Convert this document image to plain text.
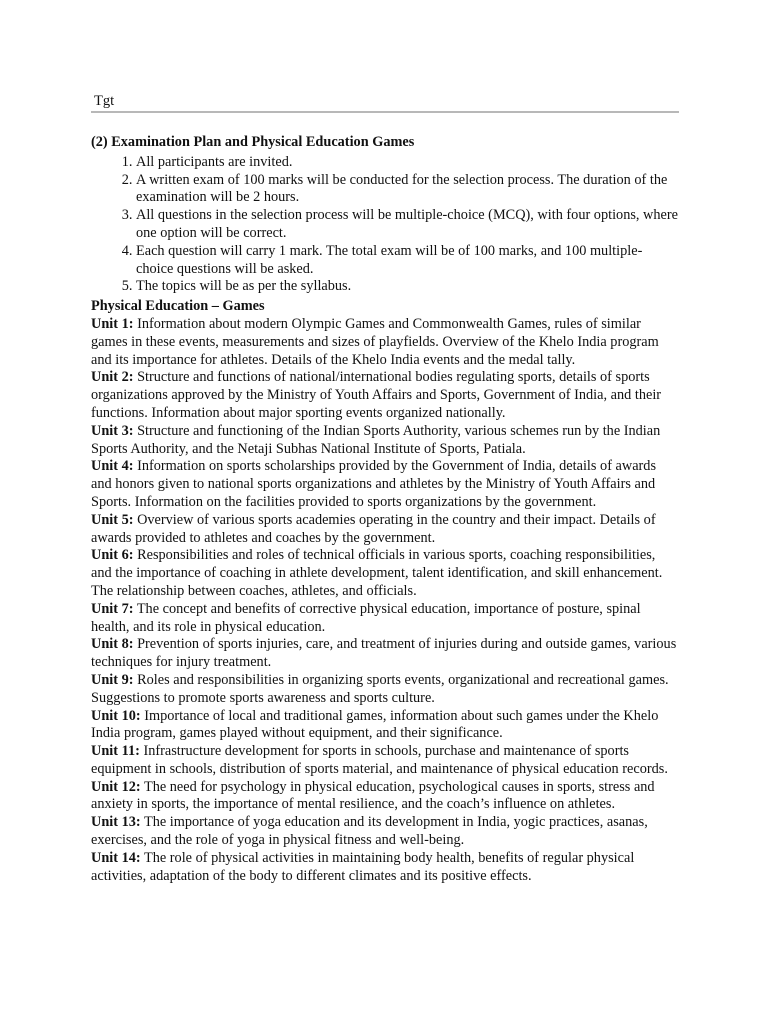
Tgt

(2) Examination Plan and Physical Education Games

1. All participants are invited.
2. A written exam of 100 marks will be conducted for the selection process. The duration of the examination will be 2 hours.
3. All questions in the selection process will be multiple-choice (MCQ), with four options, where one option will be correct.
4. Each question will carry 1 mark. The total exam will be of 100 marks, and 100 multiple-choice questions will be asked.
5. The topics will be as per the syllabus.

Physical Education – Games

Unit 1: Information about modern Olympic Games and Commonwealth Games, rules of similar games in these events, measurements and sizes of playfields. Overview of the Khelo India program and its importance for athletes. Details of the Khelo India events and the medal tally.

Unit 2: Structure and functions of national/international bodies regulating sports, details of sports organizations approved by the Ministry of Youth Affairs and Sports, Government of India, and their functions. Information about major sporting events organized nationally.

Unit 3: Structure and functioning of the Indian Sports Authority, various schemes run by the Indian Sports Authority, and the Netaji Subhas National Institute of Sports, Patiala.

Unit 4: Information on sports scholarships provided by the Government of India, details of awards and honors given to national sports organizations and athletes by the Ministry of Youth Affairs and Sports. Information on the facilities provided to sports organizations by the government.

Unit 5: Overview of various sports academies operating in the country and their impact. Details of awards provided to athletes and coaches by the government.

Unit 6: Responsibilities and roles of technical officials in various sports, coaching responsibilities, and the importance of coaching in athlete development, talent identification, and skill enhancement. The relationship between coaches, athletes, and officials.

Unit 7: The concept and benefits of corrective physical education, importance of posture, spinal health, and its role in physical education.

Unit 8: Prevention of sports injuries, care, and treatment of injuries during and outside games, various techniques for injury treatment.

Unit 9: Roles and responsibilities in organizing sports events, organizational and recreational games. Suggestions to promote sports awareness and sports culture.

Unit 10: Importance of local and traditional games, information about such games under the Khelo India program, games played without equipment, and their significance.

Unit 11: Infrastructure development for sports in schools, purchase and maintenance of sports equipment in schools, distribution of sports material, and maintenance of physical education records.

Unit 12: The need for psychology in physical education, psychological causes in sports, stress and anxiety in sports, the importance of mental resilience, and the coach’s influence on athletes.

Unit 13: The importance of yoga education and its development in India, yogic practices, asanas, exercises, and the role of yoga in physical fitness and well-being.

Unit 14: The role of physical activities in maintaining body health, benefits of regular physical activities, adaptation of the body to different climates and its positive effects.
